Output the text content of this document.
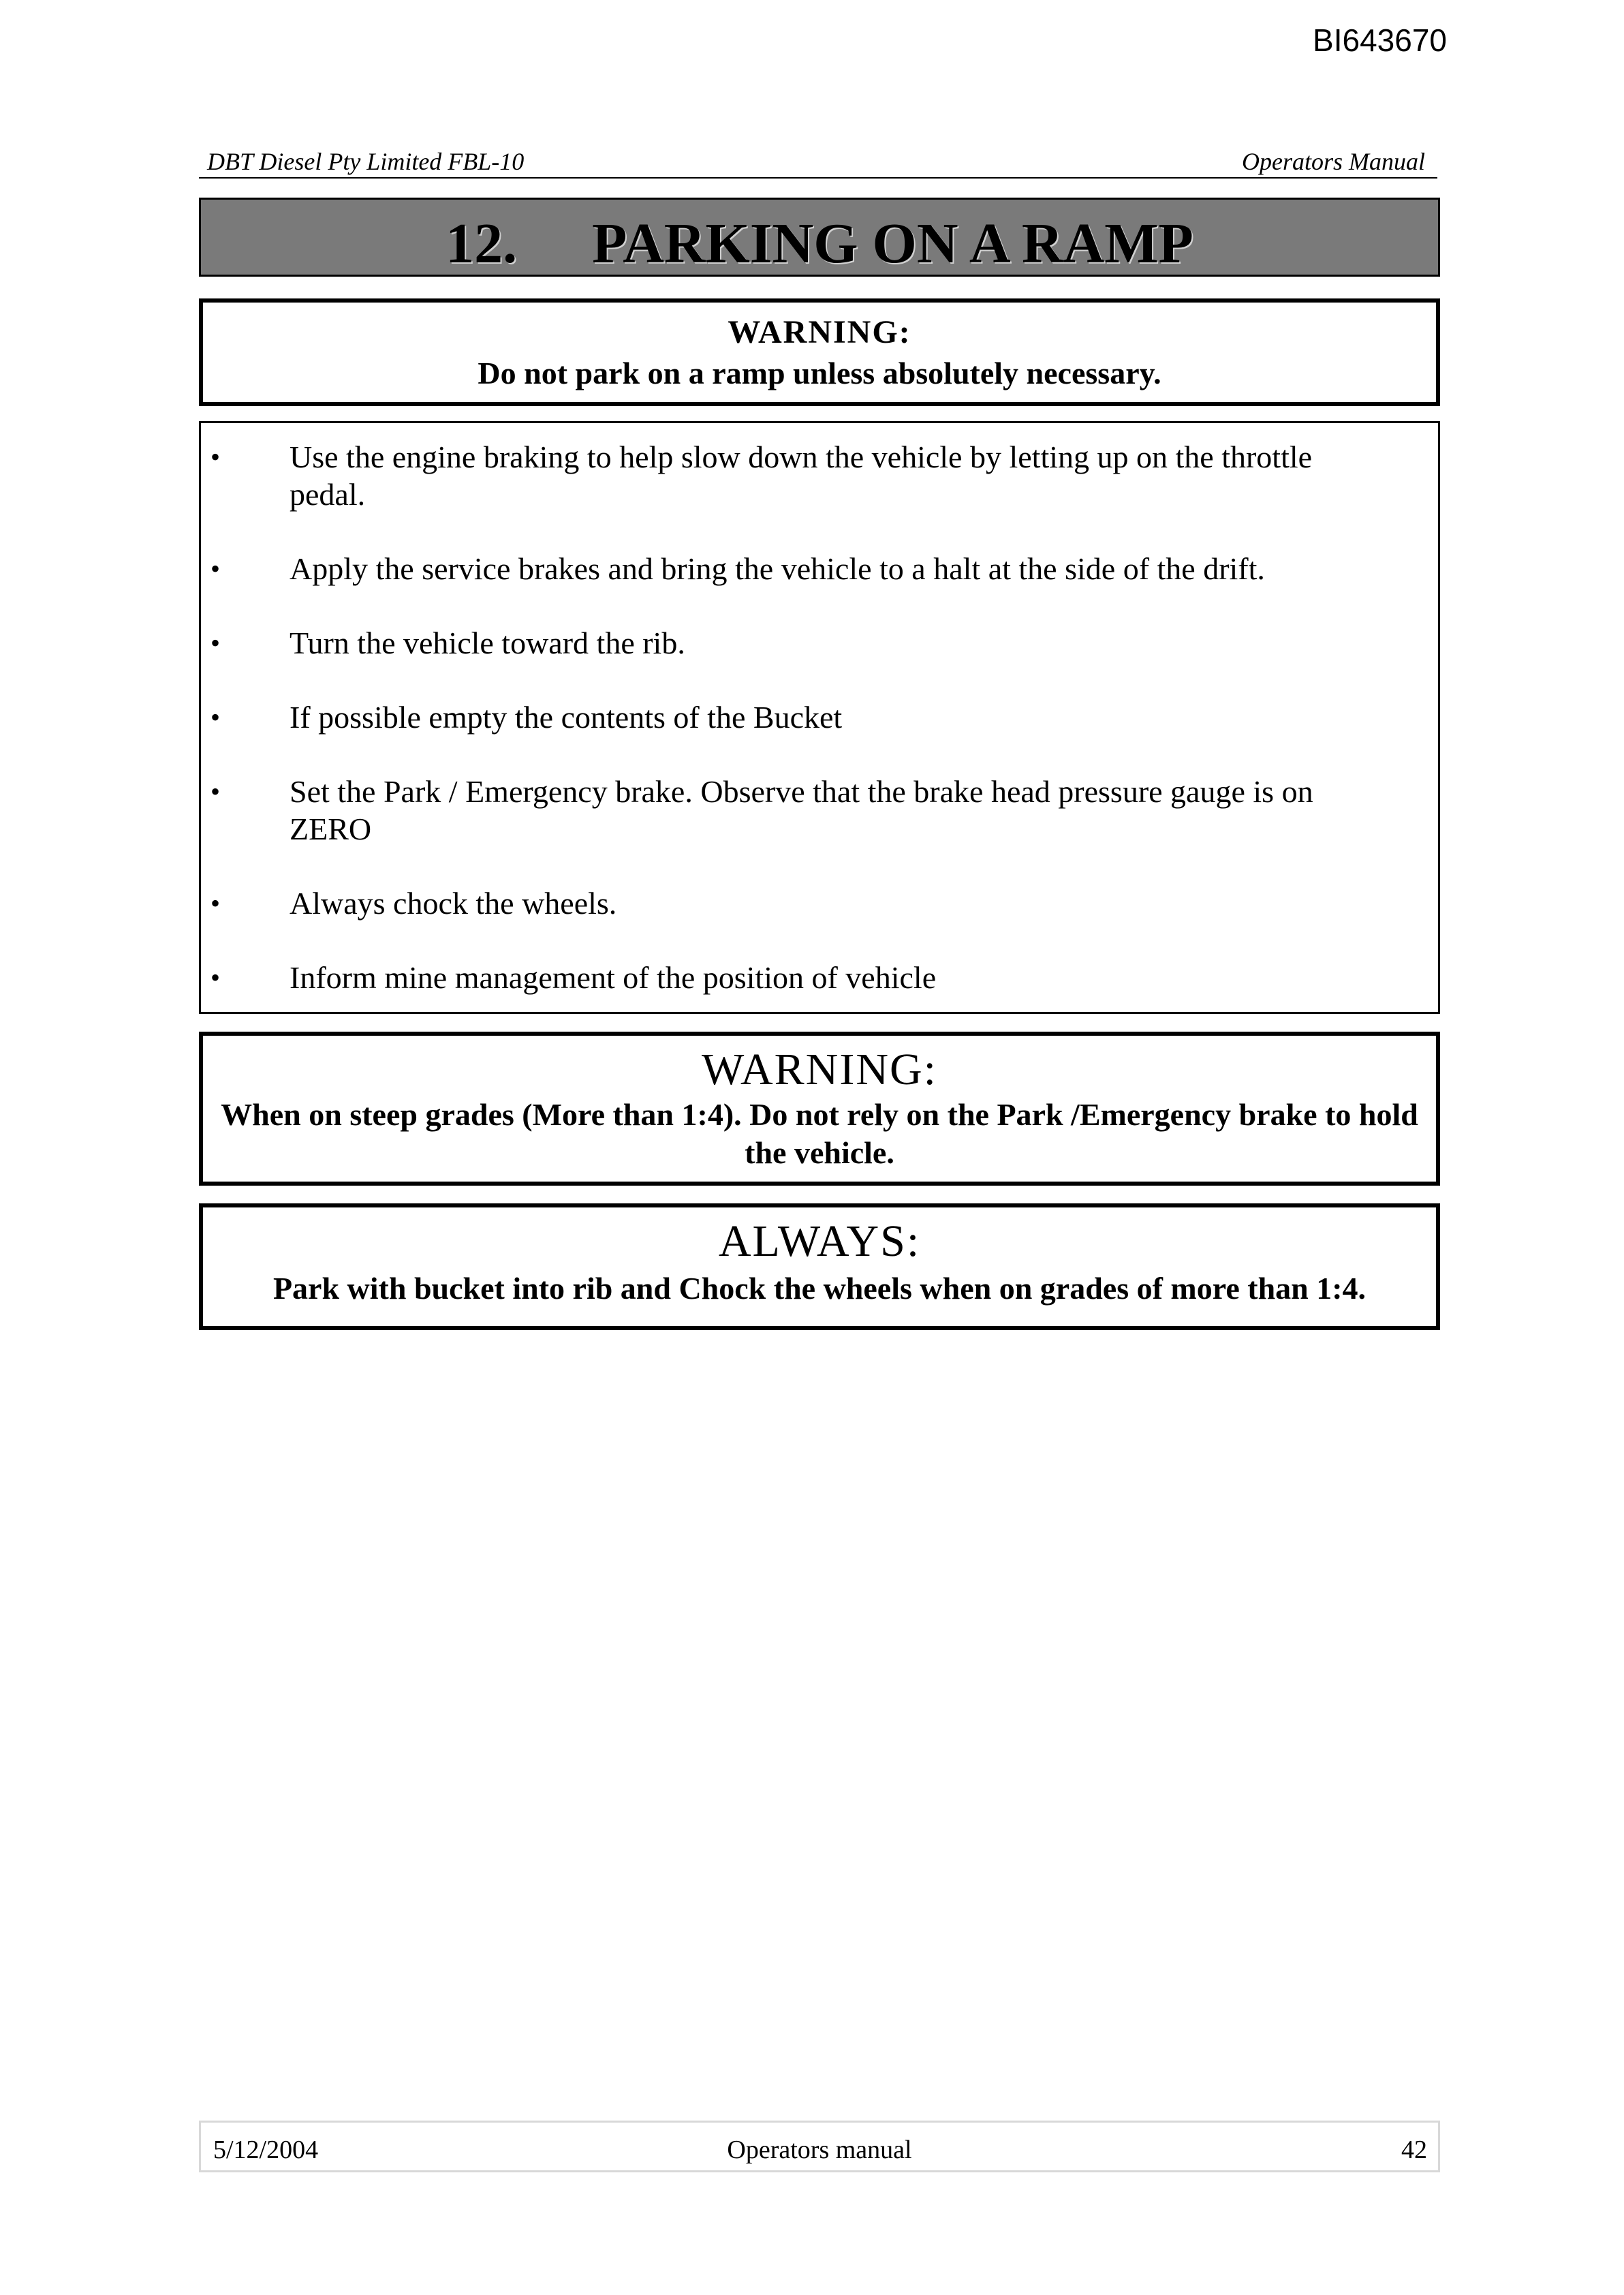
BI643670
DBT Diesel Pty Limited FBL-10	Operators Manual
12. PARKING ON A RAMP
WARNING:
Do not park on a ramp unless absolutely necessary.
• Use the engine braking to help slow down the vehicle by letting up on the throttle pedal.
• Apply the service brakes and bring the vehicle to a halt at the side of the drift.
• Turn the vehicle toward the rib.
• If possible empty the contents of the Bucket
• Set the Park / Emergency brake. Observe that the brake head pressure gauge is on ZERO
• Always chock the wheels.
• Inform mine management of the position of vehicle
WARNING:
When on steep grades (More than 1:4). Do not rely on the Park /Emergency brake to hold the vehicle.
ALWAYS:
Park with bucket into rib and Chock the wheels when on grades of more than 1:4.
5/12/2004	Operators manual	42
